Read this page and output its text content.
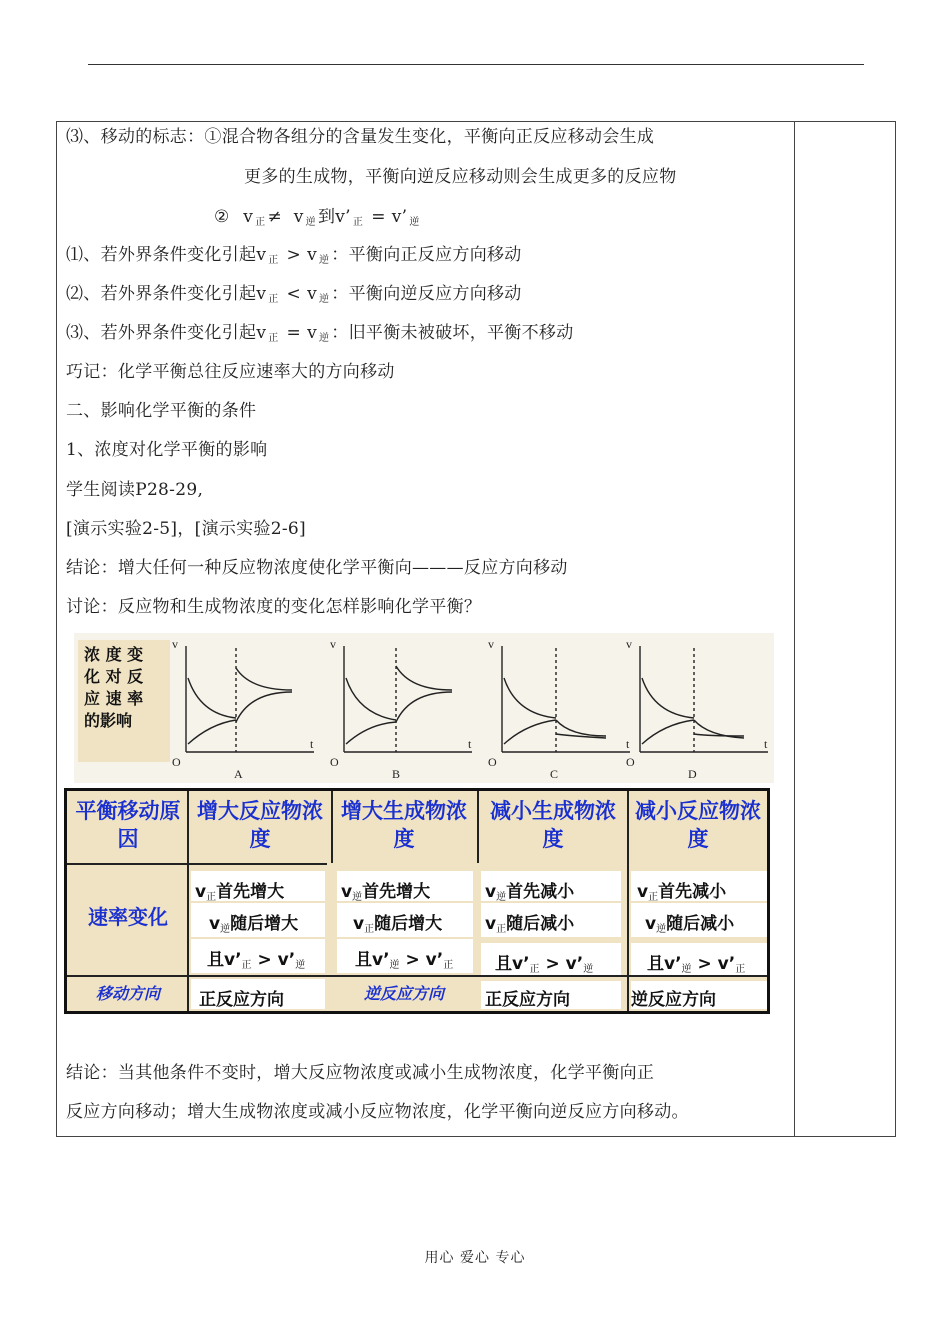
⑶、移动的标志：①混合物各组分的含量发生变化，平衡向正反应移动会生成
更多的生成物，平衡向逆反应移动则会生成更多的反应物
② v 正 ≠ v 逆 到v’ 正 = v’ 逆
⑴、若外界条件变化引起v 正 > v 逆 ：平衡向正反应方向移动
⑵、若外界条件变化引起v 正 < v 逆 ：平衡向逆反应方向移动
⑶、若外界条件变化引起v 正 = v 逆 ：旧平衡未被破坏，平衡不移动
巧记：化学平衡总往反应速率大的方向移动
二、影响化学平衡的条件
1、浓度对化学平衡的影响
学生阅读P28-29,
[演示实验2-5]，[演示实验2-6]
结论：增大任何一种反应物浓度使化学平衡向———反应方向移动
讨论：反应物和生成物浓度的变化怎样影响化学平衡？
浓 度 变 化 对 反 应 速 率 的影响
v
t
O
A
v
t
O
B
v
t
O
C
v
t
O
D
平衡移动原因
增大反应物浓度
增大生成物浓度
减小生成物浓度
减小反应物浓度
速率变化
移动方向
v正首先增大
v逆随后增大
且v’正 > v’逆
正反应方向
v逆首先增大
v正随后增大
且v’逆 > v’正
逆反应方向
v逆首先减小
v正随后减小
且v’正 > v’逆
正反应方向
v正首先减小
v逆随后减小
且v’逆 > v’正
逆反应方向
结论：当其他条件不变时，增大反应物浓度或减小生成物浓度，化学平衡向正
反应方向移动；增大生成物浓度或减小反应物浓度，化学平衡向逆反应方向移动。
用心 爱心 专心
